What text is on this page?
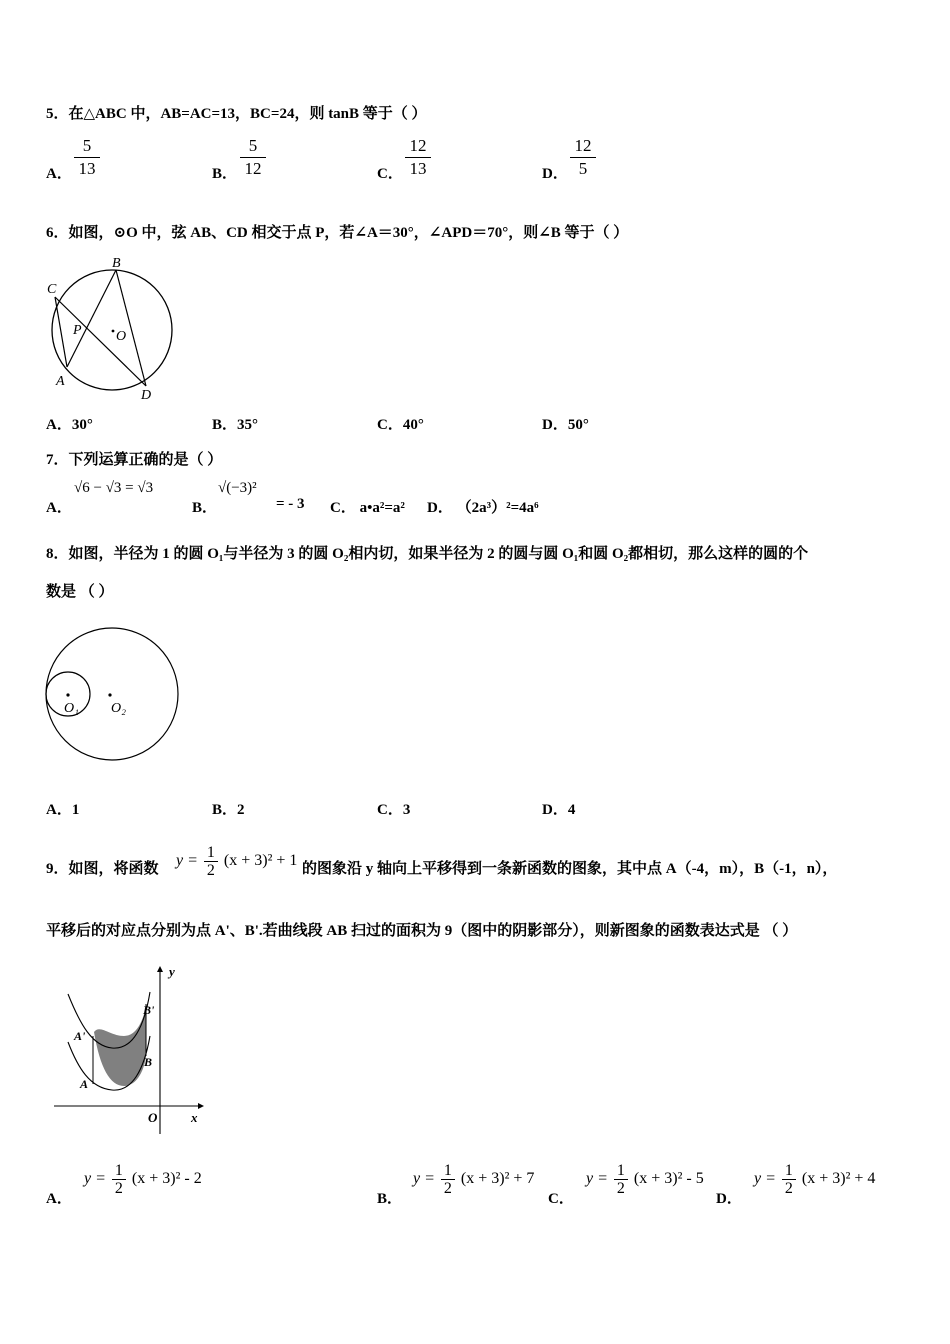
5．在△ABC 中，AB=AC=13，BC=24，则 tanB 等于（ ）
A．
5
13	B．
5
12	C．
12
13	D．
12
5
6．如图，⊙O 中，弦 AB、CD 相交于点 P，若∠A＝30°，∠APD＝70°，则∠B 等于（ ）
B
C
P O
A
D
A．30°	B．35°	C．40°	D．50°
7．下列运算正确的是（ ）
A．
√6 − √3 = √3
B．
√(−3)²
= - 3 C． a•a²=a² D． （2a³）²=4a⁶
8．如图，半径为 1 的圆 O₁与半径为 3 的圆 O₂相内切，如果半径为 2 的圆与圆 O₁和圆 O₂都相切，那么这样的圆的个
数是 （ ）
O₁ O₂
A．1	B．2	C．3	D．4
9．如图，将函数 $y = \frac{1}{2} (x + 3)^2 + 1$ 的图象沿 y 轴向上平移得到一条新函数的图象，其中点 A（-4，m），B（-1，n），
平移后的对应点分别为点 A'、B'.若曲线段 AB 扫过的面积为 9（图中的阴影部分），则新图象的函数表达式是 （ ）
y
x
O
A'
A
B'
B
A．
$y = \frac{1}{2} (x + 3)^2 - 2$
B．
$y = \frac{1}{2} (x + 3)^2 + 7$
C．
$y = \frac{1}{2} (x + 3)^2 - 5$
D．
$y = \frac{1}{2} (x + 3)^2 + 4$
